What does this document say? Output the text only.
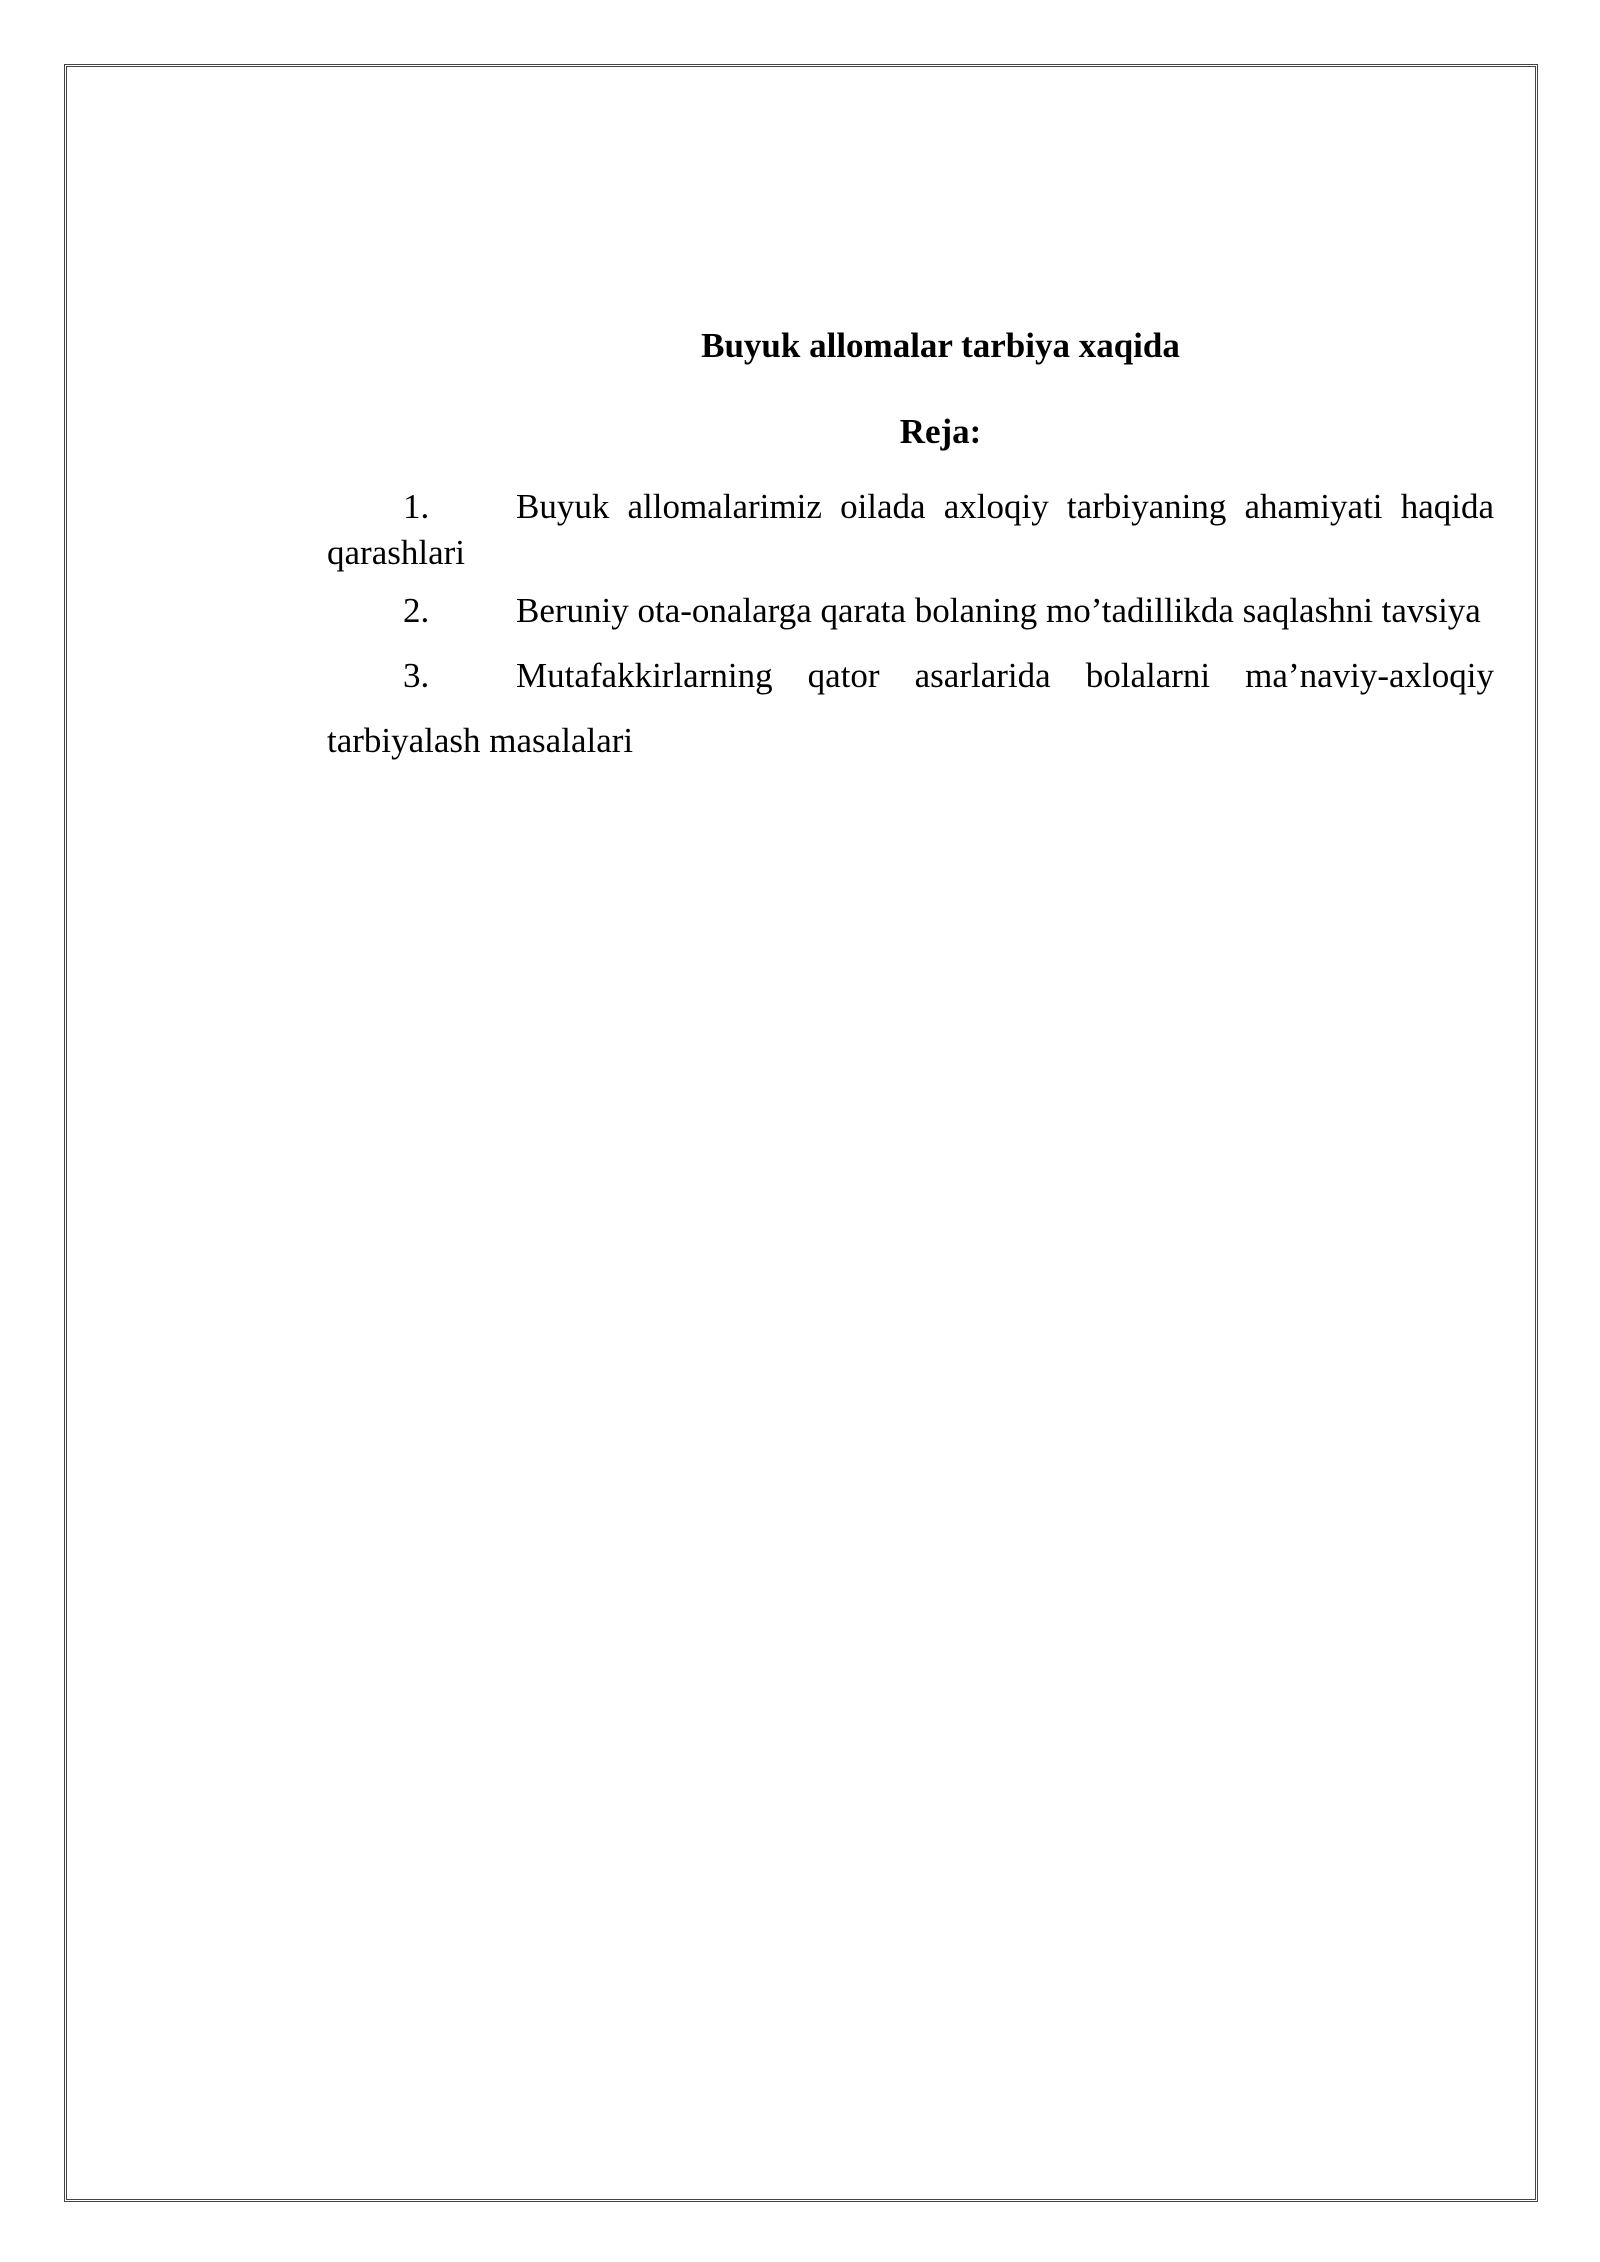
Buyuk allomalar tarbiya xaqida
Reja:
1. Buyuk allomalarimiz oilada axloqiy tarbiyaning ahamiyati haqida qarashlari
2. Beruniy ota-onalarga qarata bolaning mo’tadillikda saqlashni tavsiya
3. Mutafakkirlarning qator asarlarida bolalarni ma’naviy-axloqiy tarbiyalash masalalari
